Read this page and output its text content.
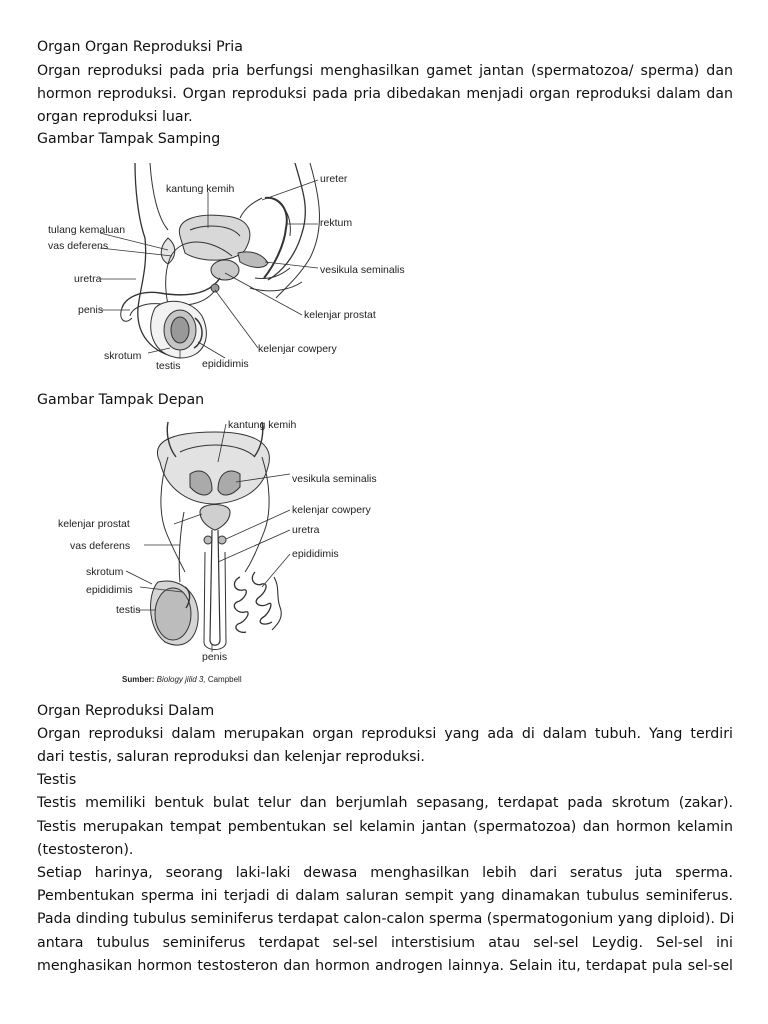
Organ Organ Reproduksi Pria
Organ reproduksi pada pria berfungsi menghasilkan gamet jantan (spermatozoa/ sperma) dan
hormon reproduksi. Organ reproduksi pada pria dibedakan menjadi organ reproduksi dalam dan
organ reproduksi luar.
Gambar Tampak Samping
kantung kemih
ureter
rektum
tulang kemaluan
vas deferens
uretra
vesikula seminalis
penis	kelenjar prostat
kelenjar cowpery
skrotum
testis epididimis
Gambar Tampak Depan
kantung kemih
vesikula seminalis
kelenjar cowpery
uretra
epididimis
kelenjar prostat
vas deferens
skrotum
epididimis
testis
penis
Sumber: Biology jilid 3, Campbell
Organ Reproduksi Dalam
Organ reproduksi dalam merupakan organ reproduksi yang ada di dalam tubuh. Yang terdiri
dari testis, saluran reproduksi dan kelenjar reproduksi.
Testis
Testis memiliki bentuk bulat telur dan berjumlah sepasang, terdapat pada skrotum (zakar).
Testis merupakan tempat pembentukan sel kelamin jantan (spermatozoa) dan hormon kelamin
(testosteron).
Setiap harinya, seorang laki-laki dewasa menghasilkan lebih dari seratus juta sperma.
Pembentukan sperma ini terjadi di dalam saluran sempit yang dinamakan tubulus seminiferus.
Pada dinding tubulus seminiferus terdapat calon-calon sperma (spermatogonium yang diploid). Di
antara tubulus seminiferus terdapat sel-sel interstisium atau sel-sel Leydig. Sel-sel ini
menghasikan hormon testosteron dan hormon androgen lainnya. Selain itu, terdapat pula sel-sel
